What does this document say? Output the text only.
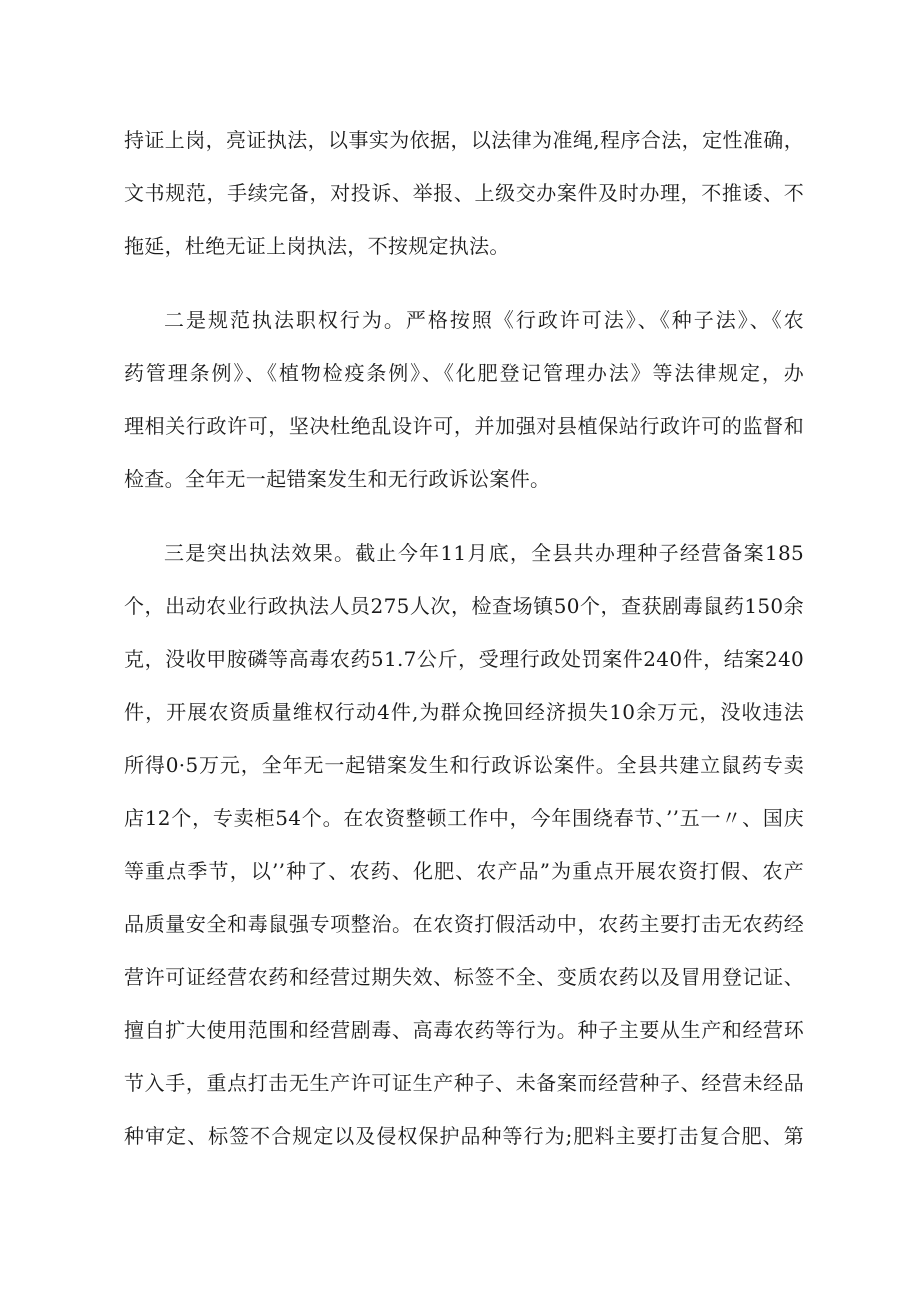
持证上岗，亮证执法，以事实为依据，以法律为准绳,程序合法，定性准确，
文书规范，手续完备，对投诉、举报、上级交办案件及时办理，不推诿、不
拖延，杜绝无证上岗执法，不按规定执法。
二是规范执法职权行为。严格按照《行政许可法》、《种子法》、《农
药管理条例》、《植物检疫条例》、《化肥登记管理办法》等法律规定，办
理相关行政许可，坚决杜绝乱设许可，并加强对县植保站行政许可的监督和
检查。全年无一起错案发生和无行政诉讼案件。
三是突出执法效果。截止今年11月底，全县共办理种子经营备案185
个，出动农业行政执法人员275人次，检查场镇50个，查获剧毒鼠药150余
克，没收甲胺磷等高毒农药51.7公斤，受理行政处罚案件240件，结案240
件，开展农资质量维权行动4件,为群众挽回经济损失10余万元，没收违法
所得0·5万元，全年无一起错案发生和行政诉讼案件。全县共建立鼠药专卖
店12个，专卖柜54个。在农资整顿工作中，今年围绕春节、’’五一〃、国庆
等重点季节，以’’种了、农药、化肥、农产品”为重点开展农资打假、农产
品质量安全和毒鼠强专项整治。在农资打假活动中，农药主要打击无农药经
营许可证经营农药和经营过期失效、标签不全、变质农药以及冒用登记证、
擅自扩大使用范围和经营剧毒、高毒农药等行为。种子主要从生产和经营环
节入手，重点打击无生产许可证生产种子、未备案而经营种子、经营未经品
种审定、标签不合规定以及侵权保护品种等行为;肥料主要打击复合肥、第
